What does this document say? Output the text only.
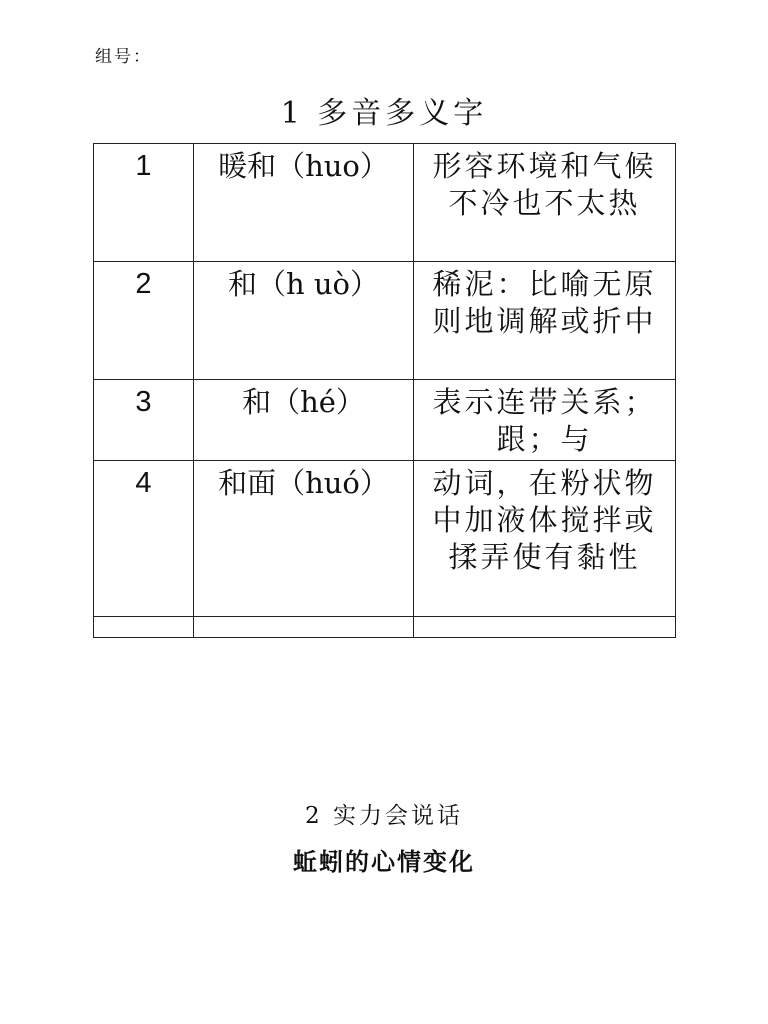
组号：
1 多音多义字
1	暖和（huo）	形容环境和气候不冷也不太热
2	和（h uò）	稀泥：比喻无原则地调解或折中
3	和（hé）	表示连带关系；跟；与
4	和面（huó）	动词，在粉状物中加液体搅拌或揉弄使有黏性

2 实力会说话
蚯蚓的心情变化
